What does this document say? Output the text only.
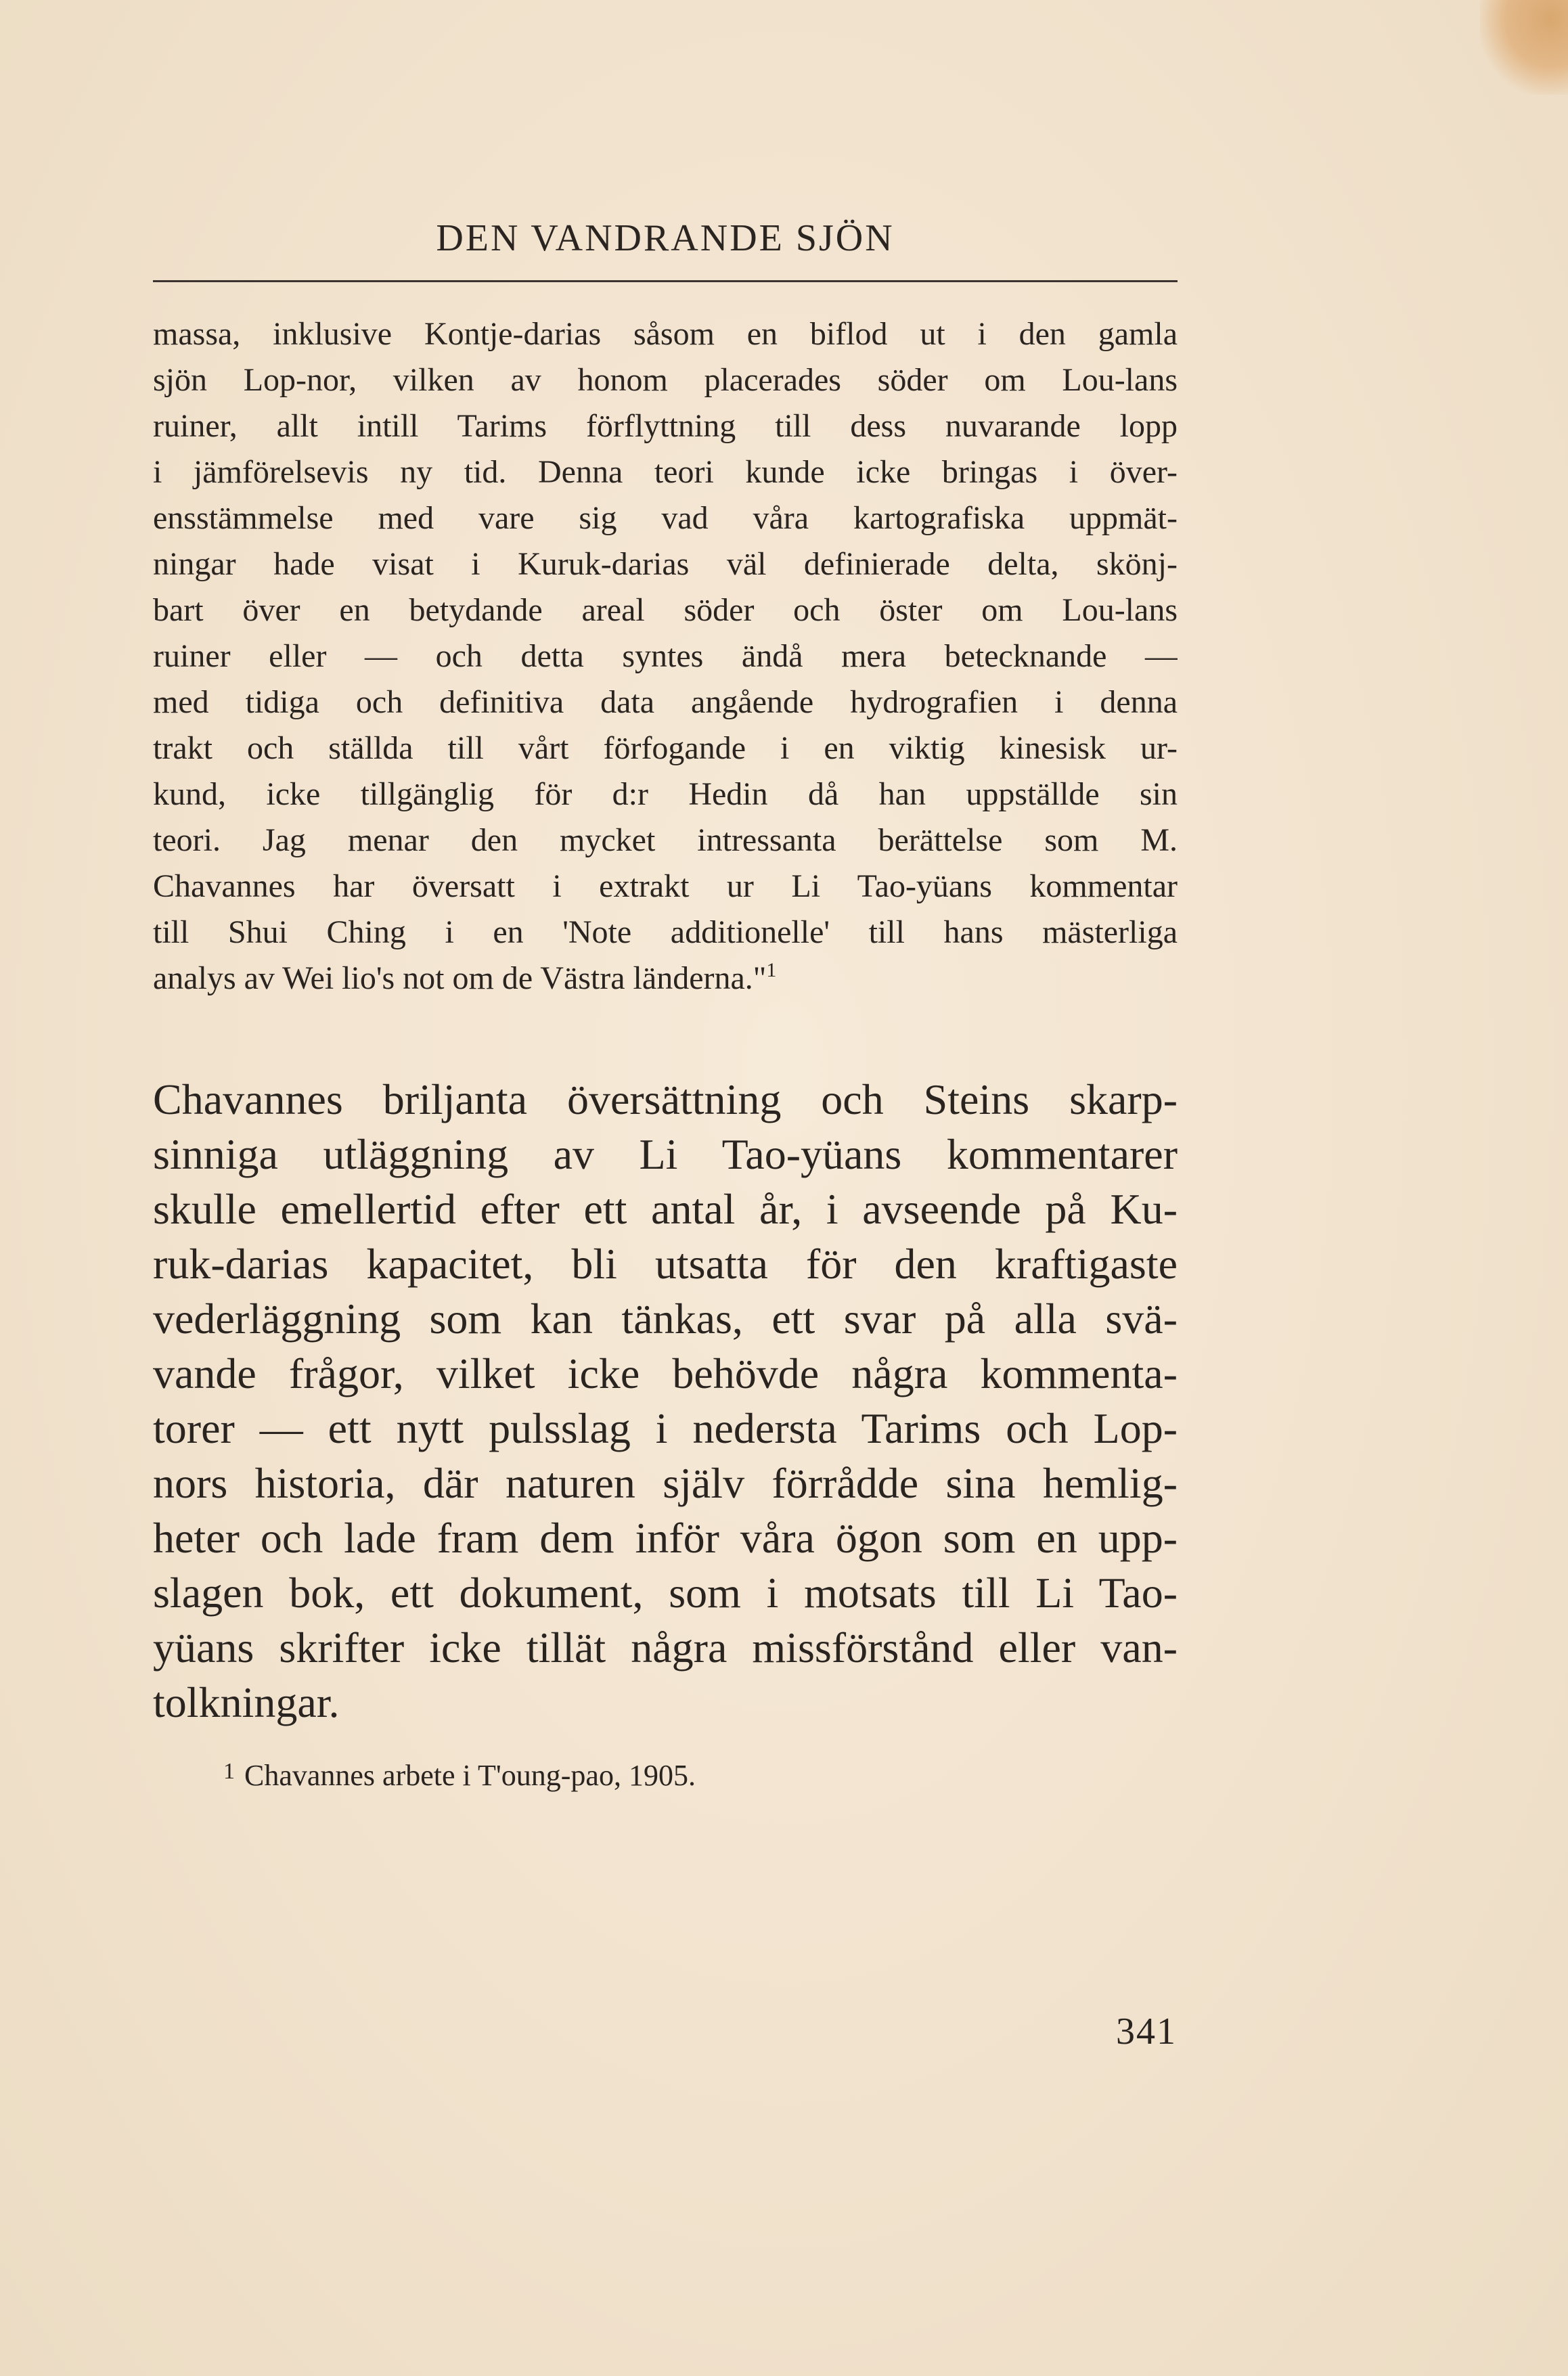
DEN VANDRANDE SJÖN
massa, inklusive Kontje-darias såsom en biflod ut i den gamla
sjön Lop-nor, vilken av honom placerades söder om Lou-lans
ruiner, allt intill Tarims förflyttning till dess nuvarande lopp
i jämförelsevis ny tid. Denna teori kunde icke bringas i över-
ensstämmelse med vare sig vad våra kartografiska uppmät-
ningar hade visat i Kuruk-darias väl definierade delta, skönj-
bart över en betydande areal söder och öster om Lou-lans
ruiner eller — och detta syntes ändå mera betecknande —
med tidiga och definitiva data angående hydrografien i denna
trakt och ställda till vårt förfogande i en viktig kinesisk ur-
kund, icke tillgänglig för d:r Hedin då han uppställde sin
teori. Jag menar den mycket intressanta berättelse som M.
Chavannes har översatt i extrakt ur Li Tao-yüans kommentar
till Shui Ching i en 'Note additionelle' till hans mästerliga
analys av Wei lio's not om de Västra länderna."$^1$
Chavannes briljanta översättning och Steins skarp-
sinniga utläggning av Li Tao-yüans kommentarer
skulle emellertid efter ett antal år, i avseende på Ku-
ruk-darias kapacitet, bli utsatta för den kraftigaste
vederläggning som kan tänkas, ett svar på alla svä-
vande frågor, vilket icke behövde några kommenta-
torer — ett nytt pulsslag i nedersta Tarims och Lop-
nors historia, där naturen själv förrådde sina hemlig-
heter och lade fram dem inför våra ögon som en upp-
slagen bok, ett dokument, som i motsats till Li Tao-
yüans skrifter icke tillät några missförstånd eller van-
tolkningar.
$^1$ Chavannes arbete i T'oung-pao, 1905.
341
